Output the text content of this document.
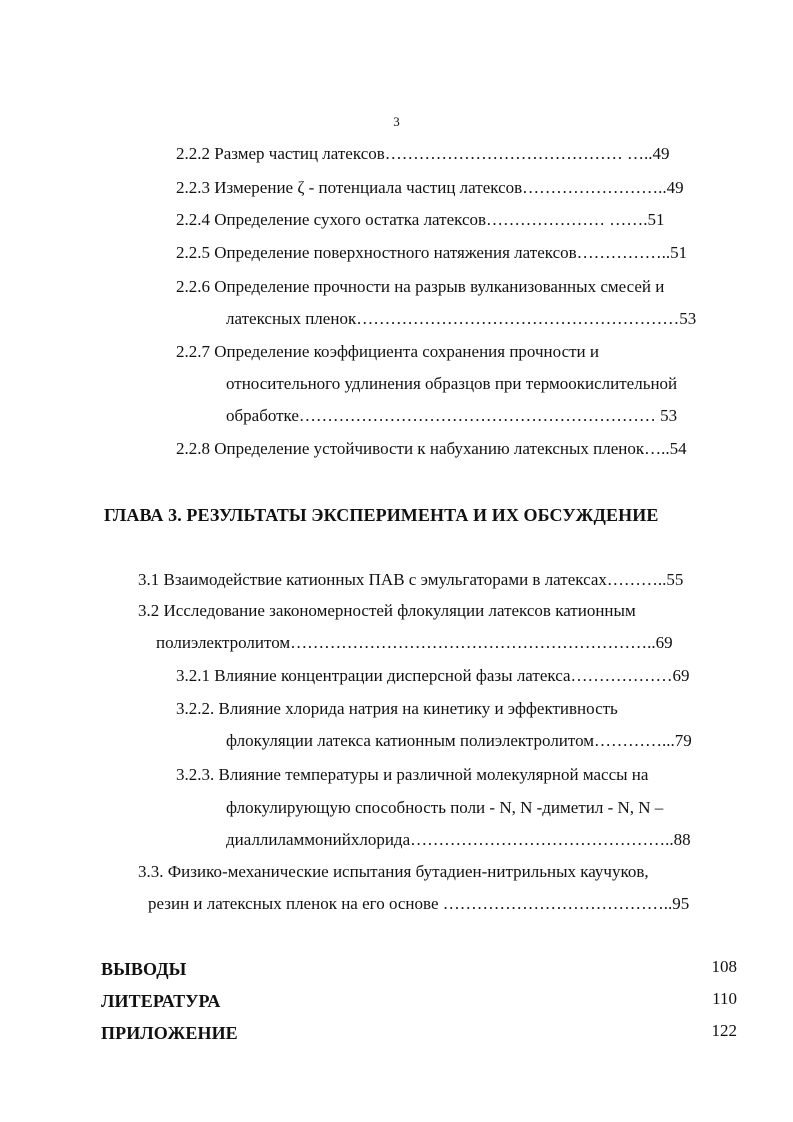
3
2.2.2 Размер частиц латексов…………………………………… …..49
2.2.3 Измерение ζ - потенциала частиц латексов……………………..49
2.2.4 Определение сухого остатка латексов………………… …….51
2.2.5 Определение поверхностного натяжения латексов……………..51
2.2.6 Определение прочности на разрыв вулканизованных смесей и
латексных пленок…………………………………………………53
2.2.7 Определение коэффициента сохранения прочности и
относительного удлинения образцов при термоокислительной
обработке……………………………………………………… 53
2.2.8 Определение устойчивости к набуханию латексных пленок…..54
ГЛАВА 3. РЕЗУЛЬТАТЫ ЭКСПЕРИМЕНТА И ИХ ОБСУЖДЕНИЕ
3.1 Взаимодействие катионных ПАВ с эмульгаторами в латексах………..55
3.2 Исследование закономерностей флокуляции латексов катионным
полиэлектролитом………………………………………………………..69
3.2.1 Влияние концентрации дисперсной фазы латекса………………69
3.2.2. Влияние хлорида натрия на кинетику и эффективность
флокуляции латекса катионным полиэлектролитом…………...79
3.2.3. Влияние температуры и различной молекулярной массы на
флокулирующую способность поли - N, N -диметил - N, N –
диаллиламмонийхлорида………………………………………..88
3.3. Физико-механические испытания бутадиен-нитрильных каучуков,
резин и латексных пленок на его основе …………………………………..95
ВЫВОДЫ	108
ЛИТЕРАТУРА	110
ПРИЛОЖЕНИЕ	122
